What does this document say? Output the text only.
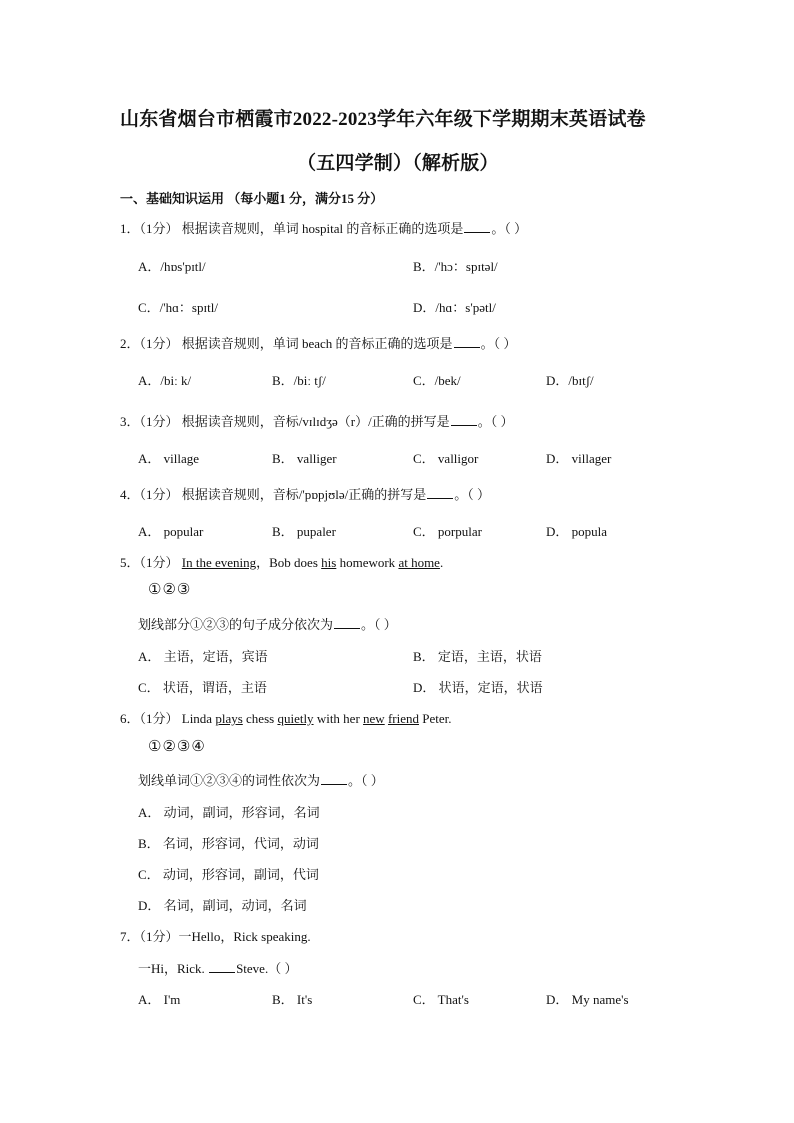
山东省烟台市栖霞市2022-2023学年六年级下学期期末英语试卷
（五四学制）（解析版）
一、基础知识运用 （每小题1 分，满分15 分）
1．（1分） 根据读音规则，单词 hospital 的音标正确的选项是 。（ ）
A．/hɒs'pɪtl/	B．/'hɔ：spɪtəl/
C．/'hɑ：spɪtl/	D．/hɑ：s'pətl/
2．（1分） 根据读音规则，单词 beach 的音标正确的选项是 。（ ）
A．/biː k/	B．/biː tʃ/	C．/bek/	D．/bɪtʃ/
3．（1分） 根据读音规则，音标/vɪlɪdʒə（r）/正确的拼写是 。（ ）
A． village	B． valliger	C． valligor	D． villager
4．（1分） 根据读音规则，音标/'pɒpjʊlə/正确的拼写是 。（ ）
A． popular	B． pupaler	C． porpular	D． popula
5．（1分） In the evening，Bob does his homework at home.
①②③
划线部分①②③的句子成分依次为 。（ ）
A． 主语，定语，宾语	B． 定语，主语，状语
C． 状语，谓语，主语	D． 状语，定语，状语
6．（1分） Linda plays chess quietly with her new friend Peter.
①②③④
划线单词①②③④的词性依次为 。（ ）
A． 动词，副词，形容词，名词
B． 名词，形容词，代词，动词
C． 动词，形容词，副词，代词
D． 名词，副词，动词，名词
7．（1分）一Hello，Rick speaking.
一Hi，Rick. Steve.（ ）
A． I'm	B． It's	C． That's	D． My name's
